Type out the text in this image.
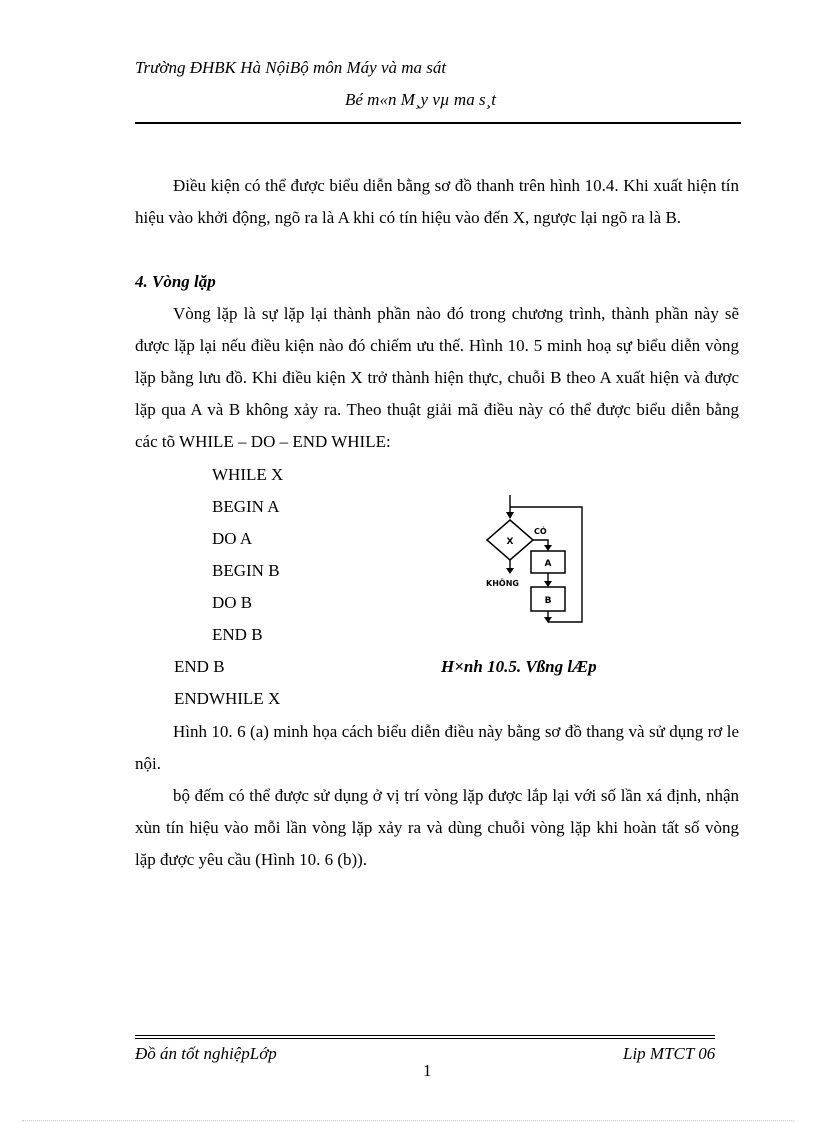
Trường ĐHBK Hà NộiBộ môn Máy và ma sát
Bé m«n M¸y vµ ma s¸t
Điều kiện có thể được biểu diễn bằng sơ đồ thanh trên hình 10.4. Khi xuất hiện tín hiệu vào khởi động, ngõ ra là A khi có tín hiệu vào đến X, ngược lại ngõ ra là B.
4. Vòng lặp
Vòng lặp là sự lặp lại thành phần nào đó trong chương trình, thành phần này sẽ được lặp lại nếu điều kiện nào đó chiếm ưu thế. Hình 10. 5 minh hoạ sự biểu diễn vòng lặp bằng lưu đồ. Khi điều kiện X trở thành hiện thực, chuỗi B theo A xuất hiện và được lặp qua A và B không xảy ra. Theo thuật giải mã điều này có thể được biểu diễn bằng các tõ WHILE – DO – END WHILE:
WHILE X
BEGIN A
DO A
BEGIN B
DO B
END B
END B
ENDWHILE X
X
CÓ
KHÔNG
A
B
H×nh 10.5. Vßng lÆp
Hình 10. 6 (a) minh họa cách biểu diễn điều này bằng sơ đồ thang và sử dụng rơ le nội.
bộ đếm có thể được sử dụng ở vị trí vòng lặp được lắp lại với số lần xá định, nhận xùn tín hiệu vào mỗi lần vòng lặp xảy ra và dùng chuỗi vòng lặp khi hoàn tất số vòng lặp được yêu cầu (Hình 10. 6 (b)).
Đồ án tốt nghiệpLớp	Lip MTCT 06
1
